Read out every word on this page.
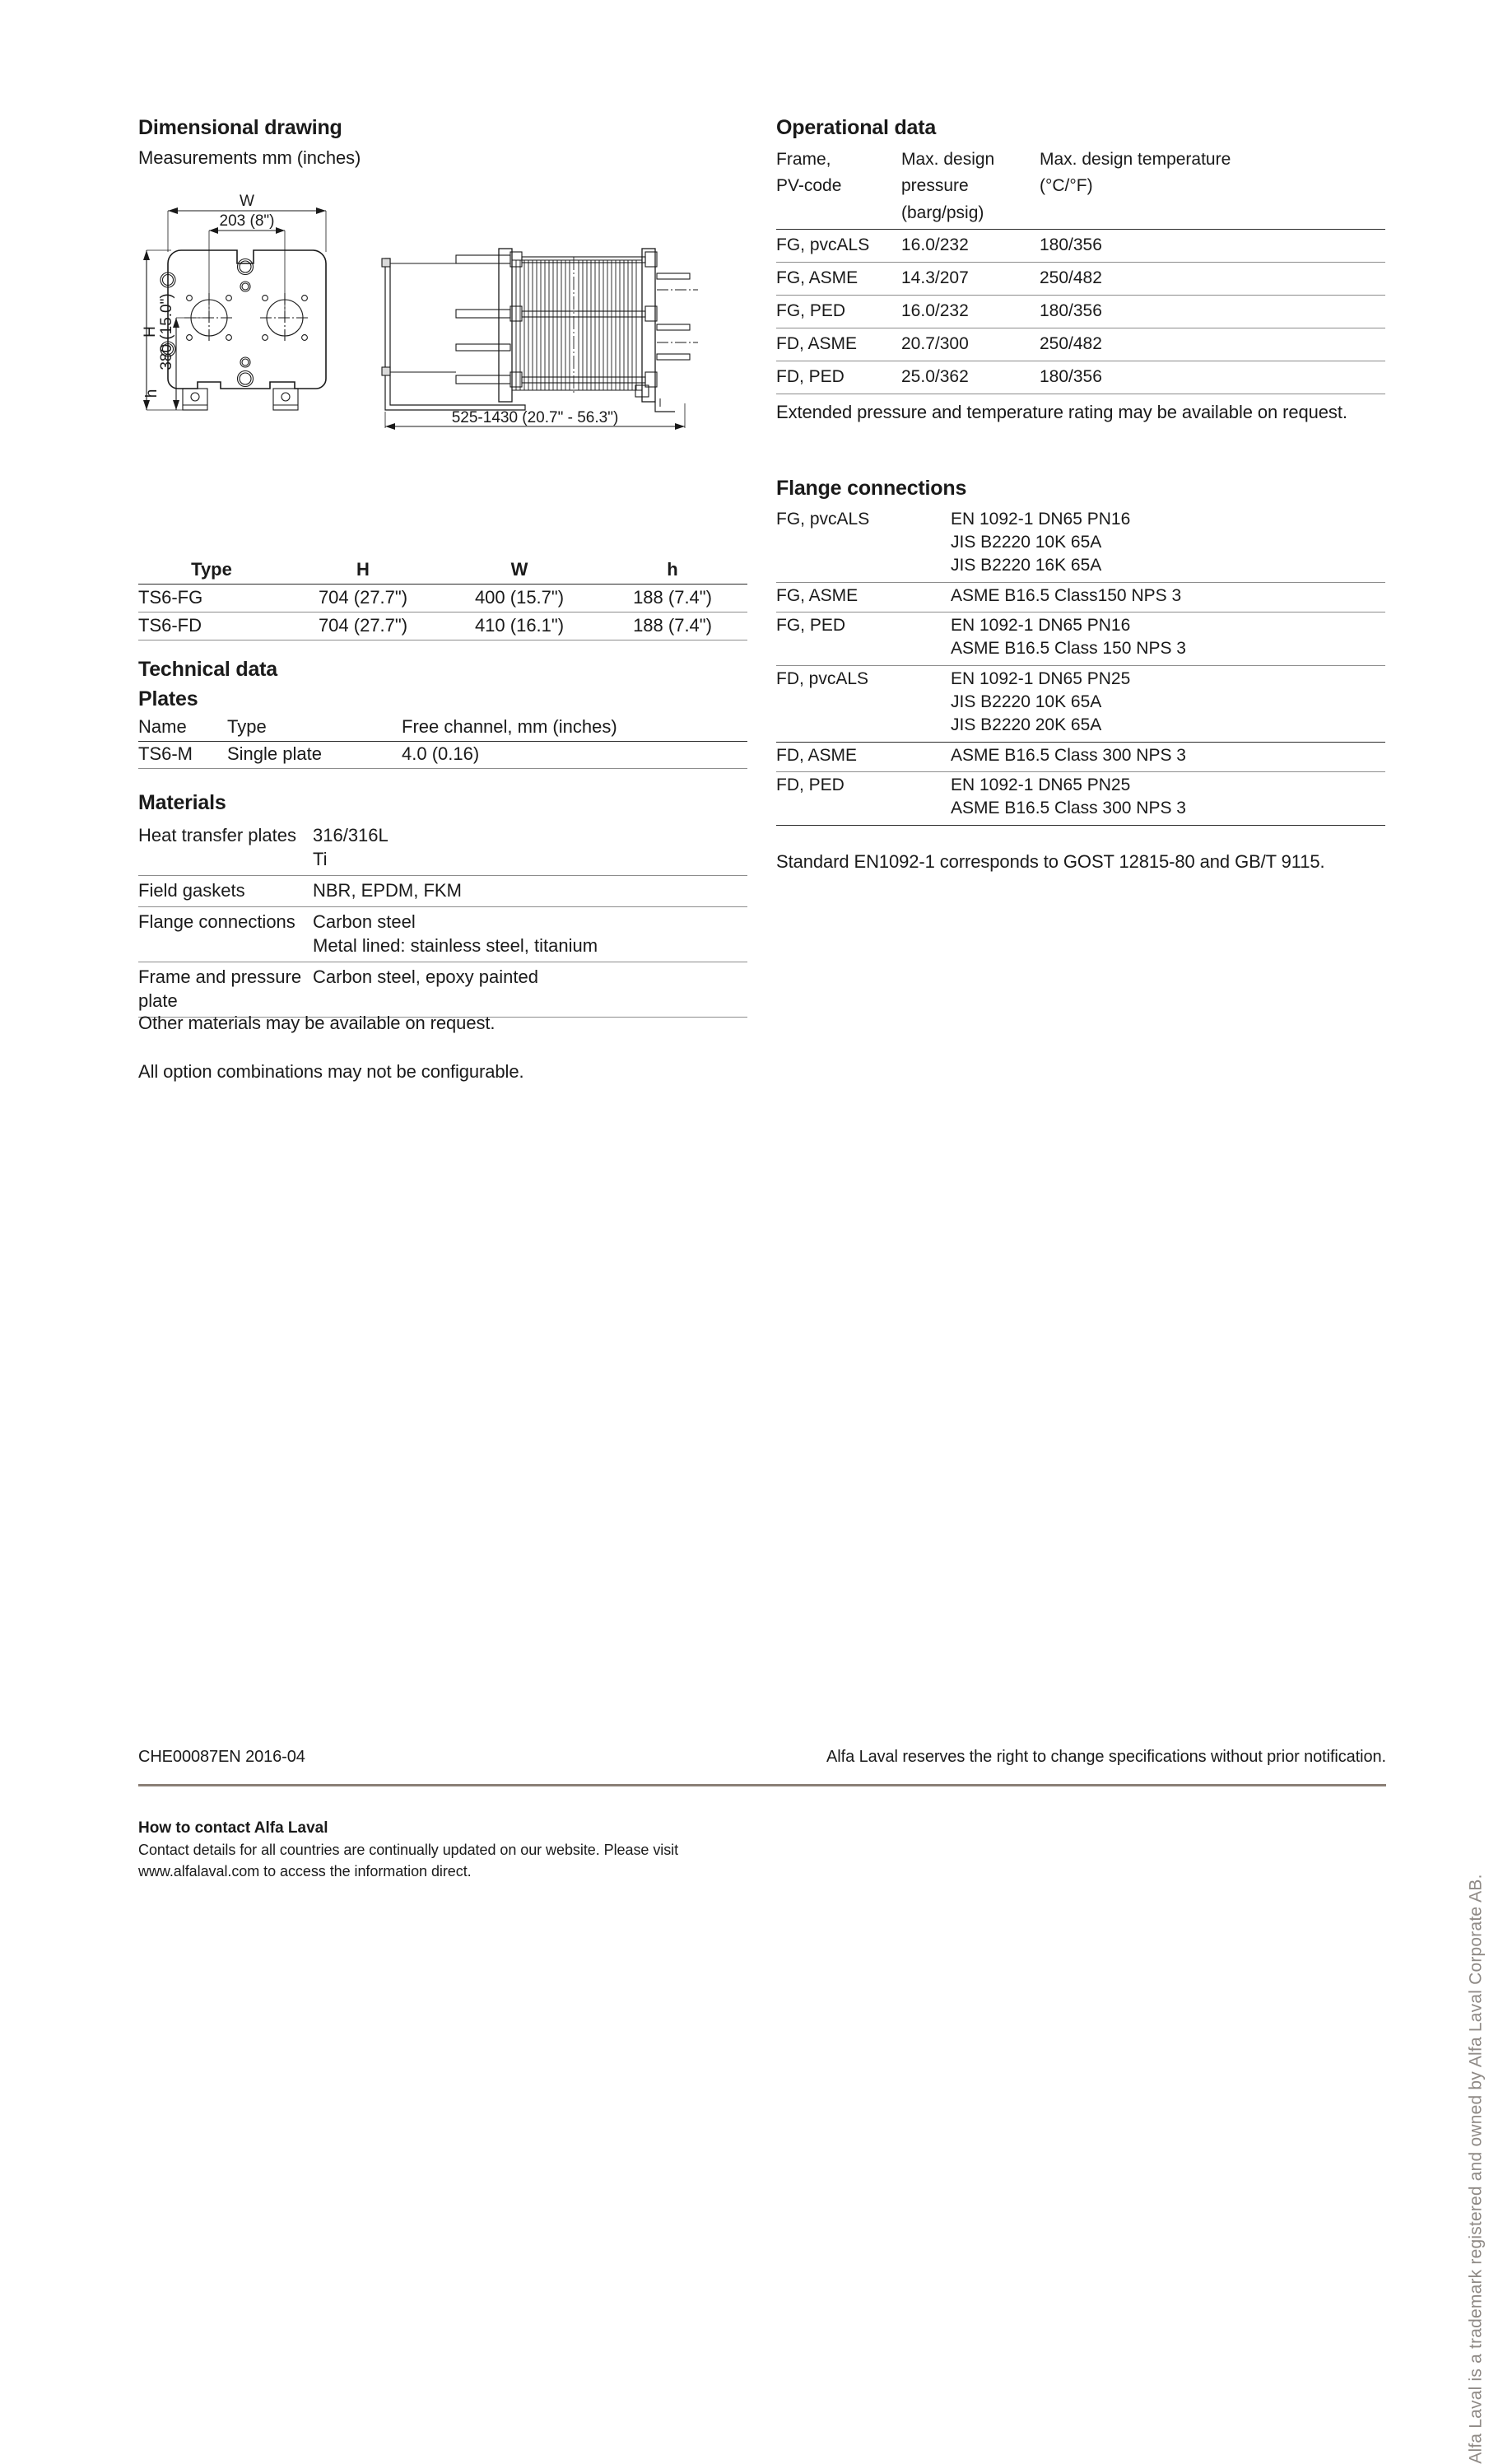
Dimensional drawing
Measurements mm (inches)
W
203 (8")
H 380 (15.0")
h
525-1430 (20.7" - 56.3")
Type	H	W	h
TS6-FG	704 (27.7")	400 (15.7")	188 (7.4")
TS6-FD	704 (27.7")	410 (16.1")	188 (7.4")
Technical data
Plates
Name	Type	Free channel, mm (inches)
TS6-M	Single plate	4.0 (0.16)
Materials
Heat transfer plates	316/316L
	Ti
Field gaskets	NBR, EPDM, FKM
Flange connections	Carbon steel
	Metal lined: stainless steel, titanium
Frame and pressure plate	Carbon steel, epoxy painted

Other materials may be available on request.

All option combinations may not be configurable.

Operational data
Frame,	Max. design	Max. design temperature
PV-code	pressure	(°C/°F)
	(barg/psig)	
FG, pvcALS	16.0/232	180/356
FG, ASME	14.3/207	250/482
FG, PED	16.0/232	180/356
FD, ASME	20.7/300	250/482
FD, PED	25.0/362	180/356

Extended pressure and temperature rating may be available on request.

Flange connections
FG, pvcALS	EN 1092-1 DN65 PN16
	JIS B2220 10K 65A
	JIS B2220 16K 65A
FG, ASME	ASME B16.5 Class150 NPS 3
FG, PED	EN 1092-1 DN65 PN16
	ASME B16.5 Class 150 NPS 3
FD, pvcALS	EN 1092-1 DN65 PN25
	JIS B2220 10K 65A
	JIS B2220 20K 65A
FD, ASME	ASME B16.5 Class 300 NPS 3
FD, PED	EN 1092-1 DN65 PN25
	ASME B16.5 Class 300 NPS 3

Standard EN1092-1 corresponds to GOST 12815-80 and GB/T 9115.

CHE00087EN 2016-04	Alfa Laval reserves the right to change specifications without prior notification.
How to contact Alfa Laval
Contact details for all countries are continually updated on our website. Please visit www.alfalaval.com to access the information direct.
Alfa Laval is a trademark registered and owned by Alfa Laval Corporate AB.
